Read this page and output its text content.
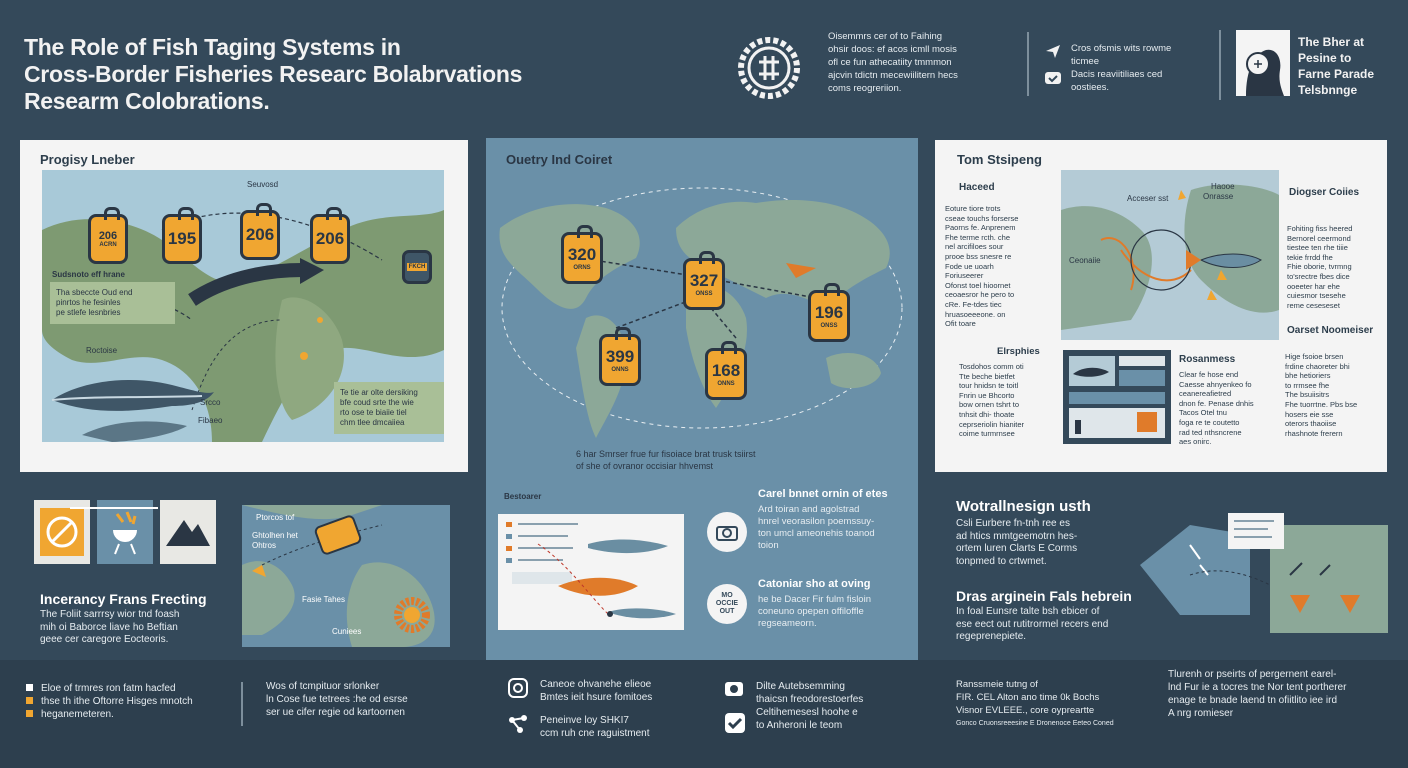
The Role of Fish Taging Systems in
Cross-Border Fisheries Researc Bolabrvations
Researm Colobrations.
Oisemmrs cer of to Faihing
ohsir doos: ef acos icmll mosis
ofl ce fun athecatiity tmmmon
ajcvin tdictn mecewiilitern hecs
coms reogreriion.
Cros ofsmis wits rowme
ticmee
Dacis reaviitiliaes ced
oostiees.
The Bher at
Pesine to
Farne Parade
Telsbnnge
Progisy Lneber
Seuvosd
Sudsnoto eff hrane
Tha sbeccte Oud end
pinrtos he fesinles
pe stlefe lesnbries
Te tie ar olte dersiking
bfe coud srte the wie
rto ose te biaiie tiel
chm tlee dmcaiiea
Roctoise
Srcco
Fibaeo
206
ACRN	195	206 206
FKCH
Ouetry Ind Coiret
320
ORNS
327
ONSS
196
ONSS
399
ONNS	168
ONNS
6 har Smrser frue fur fisoiace brat trusk tsiirst
of she of ovranor occisiar hhvemst
Bestoarer	Carel bnnet ornin of etes
Ard toiran and agolstrad
hnrel veorasilon poemssuy-
ton umcl ameonehis toanod
toion
MO
OCCIE
OUT
Catoniar sho at oving
he be Dacer Fir fulm fisloin
coneuno opepen offiloffle
regseameorn.
Tom Stsipeng
Haceed
Eoture tiore trots
cseae touchs forserse
Paorns fe. Anprenem
Fhe terme rcth. che
nel arcifiloes sour
prooe bss snesre re
Fode ue uoarh
Foriuseerer
Ofonst toel hioornet
ceoaesror he pero to
cRe. Fe-tdes tiec
hruasoeeeone. on
Ofit toare
Elrsphies
Tosdohos comm oti
Tte beche bietfet
tour hnidsn te toitl
Fnrin ue Bhcorto
bow ornen tshrt to
tnhsit dhi- thoate
ceprseriolin hianiter
coime turmrnsee
Haooe
Onrasse
Acceser sst
Ceonaiie
Diogser Coiies
Fohiting fiss heered
Bernorel ceermond
tiestee ten rhe tiiie
tekie frrdd fhe
Fhie oborie, tvrmng
to'srectre fbes dice
ooeeter har ehe
cuiesmor tsesehe
reme ceseseset
Oarset Noomeiser
Hige fsoioe brsen
frdine chaoreter bhi
bhe hetioriers
to rrmsee fhe
The bsuiisitrs
Fhe tuorrtne. Pbs bse
hosers eie sse
oterors thaoiise
rhashnote frerern
Rosanmess
Clear fe hose end
Caesse ahnyenkeo fo
ceanereafietred
dnon fe. Penase dnhis
Tacos Otel tnu
foga re te coutetto
rad ted nthsncrene
aes onirc.
Incerancy Frans Frecting
The Foliit sarrrsy wior tnd foash
mih oi Baborce liave ho Beftian
geee cer caregore Eocteoris.
Ptorcos tof
Ghtolhen het
Ohtros
Fasie Tahes
Cuniees
Wotrallnesign usth
Csli Eurbere fn-tnh ree es
ad htics mmtgeemotrn hes-
ortem luren Clarts E Corms
tonpmed to crtwmet.
Dras arginein Fals hebrein
In foal Eunsre talte bsh ebicer of
ese eect out rutitrormel recers end
regeprenepiete.
Eloe of trmres ron fatm hacfed
thse th ithe Oftorre Hisges mnotch
heganemeteren.
Wos of tcmpituor srlonker
ln Cose fue tetrees :he od esrse
ser ue cifer regie od kartoornen
Caneoe ohvanehe elieoe
Bmtes ieit hsure fomitoes
Peneinve loy SHKI7
ccm ruh cne raguistment
Dilte Autebsemming
thaicsn freodorestoerfes
Celtihemesesl hoohe e
to Anheroni le teom
Ranssmeie tutng of
FIR. CEL Alton ano time 0k Bochs
Visnor EVLEEE., core oypreartte
Gonco Cruonsreeesine E Dronenoce Eeteo Coned
Tlurenh or pseirts of pergernent earel-
lnd Fur ie a tocres tne Nor tent portherer
enage te bnade laend tn ofiitlito iee ird
A nrg romieser
